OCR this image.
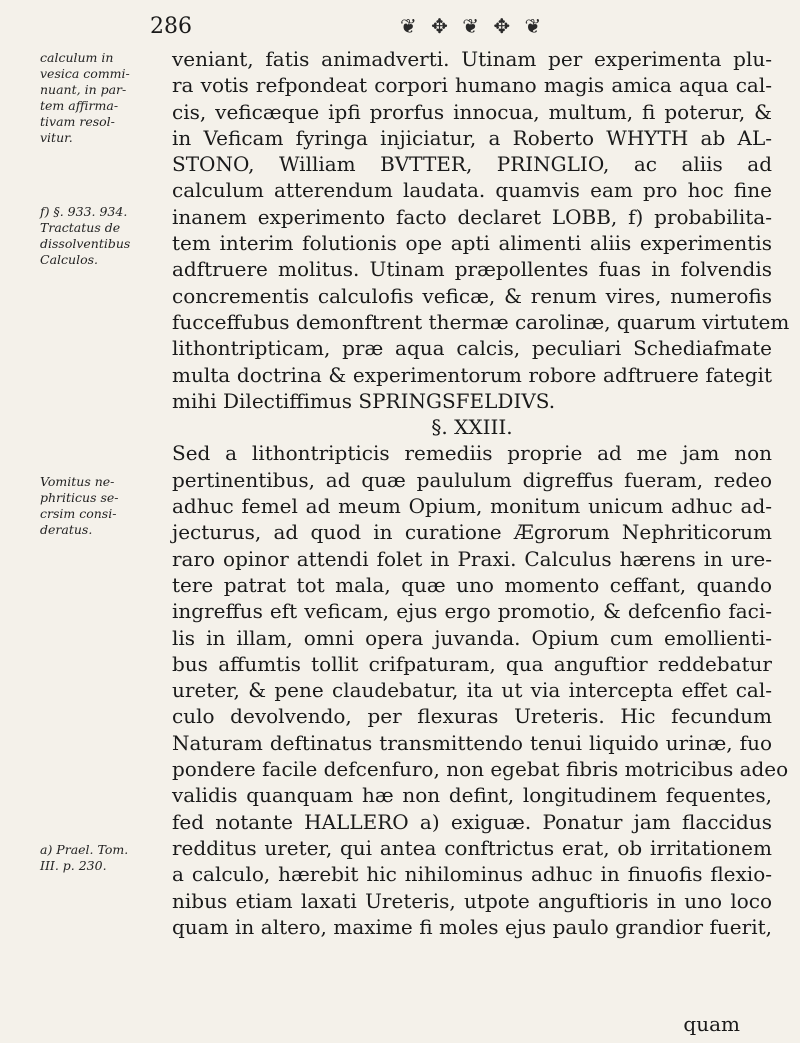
286	❦ ✥ ❦ ✥ ❦
calculum in
vesica commi-
nuant, in par-
tem affirma-
tivam resol-
vitur.
f) §. 933. 934.
Tractatus de
dissolventibus
Calculos.
Vomitus ne-
phriticus se-
crsim consi-
deratus.
a) Prael. Tom.
III. p. 230.

veniant, fatis animadverti. Utinam per experimenta plu-

ra votis refpondeat corpori humano magis amica aqua cal-

cis, veficæque ipfi prorfus innocua, multum, fi poterur, &

in Veficam fyringa injiciatur, a Roberto WHYTH ab AL-

STONO, William BVTTER, PRINGLIO, ac aliis ad

calculum atterendum laudata. quamvis eam pro hoc fine

inanem experimento facto declaret LOBB, f) probabilita-

tem interim folutionis ope apti alimenti aliis experimentis

adftruere molitus. Utinam præpollentes fuas in folvendis

concrementis calculofis veficæ, & renum vires, numerofis

fucceffubus demonftrent thermæ carolinæ, quarum virtutem

lithontripticam, præ aqua calcis, peculiari Schediafmate

multa doctrina & experimentorum robore adftruere fategit

mihi Dilectiffimus SPRINGSFELDIVS.

§. XXIII.

Sed a lithontripticis remediis proprie ad me jam non

pertinentibus, ad quæ paululum digreffus fueram, redeo

adhuc femel ad meum Opium, monitum unicum adhuc ad-

jecturus, ad quod in curatione Ægrorum Nephriticorum

raro opinor attendi folet in Praxi. Calculus hærens in ure-

tere patrat tot mala, quæ uno momento ceffant, quando

ingreffus eft veficam, ejus ergo promotio, & defcenfio faci-

lis in illam, omni opera juvanda. Opium cum emollienti-

bus affumtis tollit crifpaturam, qua anguftior reddebatur

ureter, & pene claudebatur, ita ut via intercepta effet cal-

culo devolvendo, per flexuras Ureteris. Hic fecundum

Naturam deftinatus transmittendo tenui liquido urinæ, fuo

pondere facile defcenfuro, non egebat fibris motricibus adeo

validis quanquam hæ non defint, longitudinem fequentes,

fed notante HALLERO a) exiguæ. Ponatur jam flaccidus

redditus ureter, qui antea conftrictus erat, ob irritationem

a calculo, hærebit hic nihilominus adhuc in finuofis flexio-

nibus etiam laxati Ureteris, utpote anguftioris in uno loco

quam in altero, maxime fi moles ejus paulo grandior fuerit,

quam
